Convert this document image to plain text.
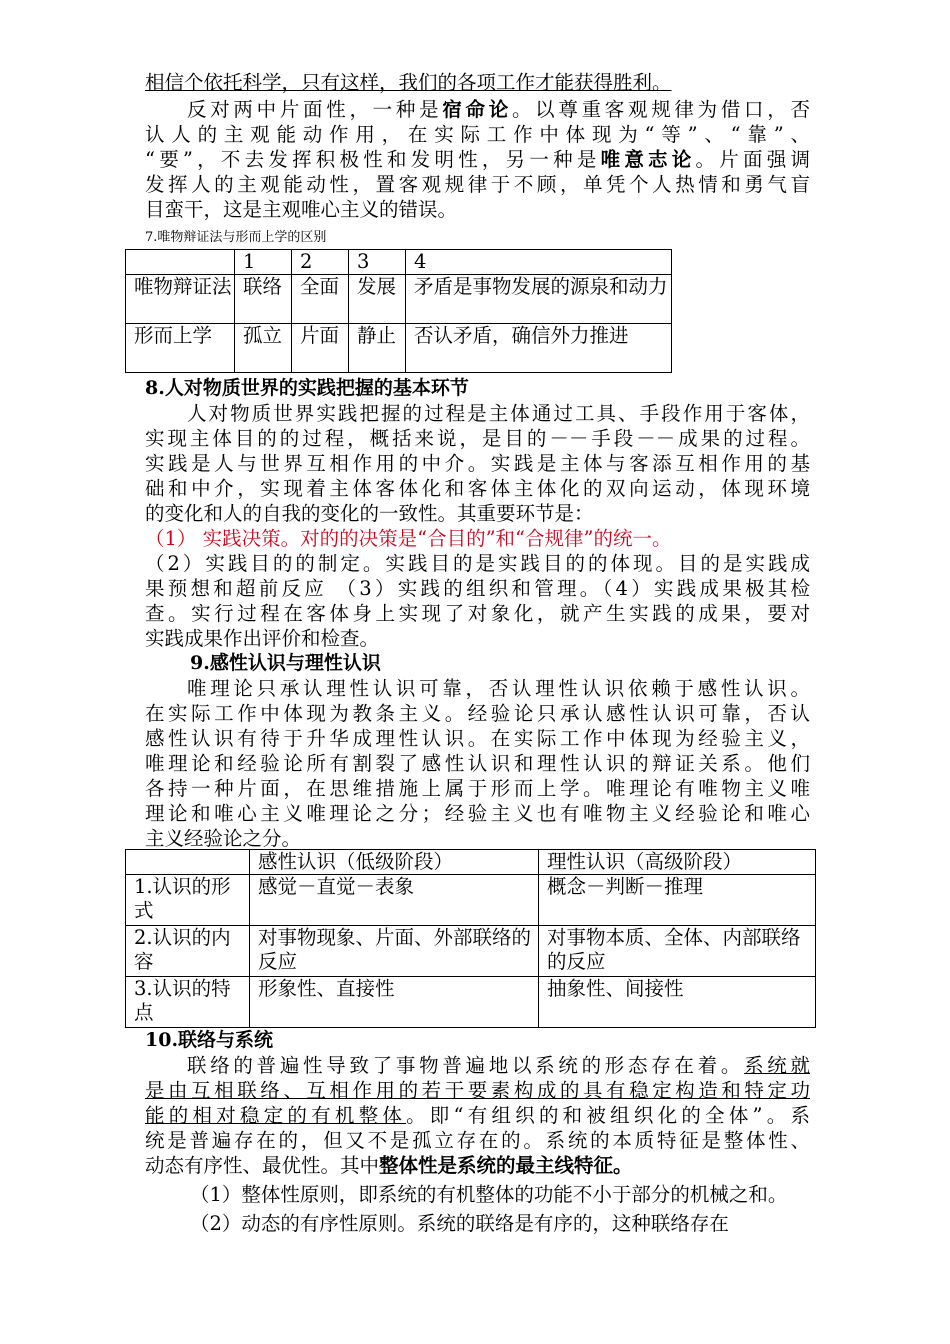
相信个依托科学，只有这样，我们的各项工作才能获得胜利。
反对两中片面性，一种是宿命论。以尊重客观规律为借口，否
认人的主观能动作用，在实际工作中体现为“等”、“靠”、
“要”，不去发挥积极性和发明性，另一种是唯意志论。片面强调
发挥人的主观能动性，置客观规律于不顾，单凭个人热情和勇气盲
目蛮干，这是主观唯心主义的错误。
7.唯物辩证法与形而上学的区别
	1	2	3	4
唯物辩证法	联络	全面	发展	矛盾是事物发展的源泉和动力
形而上学	孤立	片面	静止	否认矛盾，确信外力推进
8.人对物质世界的实践把握的基本环节
人对物质世界实践把握的过程是主体通过工具、手段作用于客体，
实现主体目的的过程，概括来说，是目的－－手段－－成果的过程。
实践是人与世界互相作用的中介。实践是主体与客添互相作用的基
础和中介，实现着主体客体化和客体主体化的双向运动，体现环境
的变化和人的自我的变化的一致性。其重要环节是：
（1） 实践决策。对的的决策是“合目的”和“合规律”的统一。
（2）实践目的的制定。实践目的是实践目的的体现。目的是实践成
果预想和超前反应 （3）实践的组织和管理。（4）实践成果极其检
查。实行过程在客体身上实现了对象化，就产生实践的成果，要对
实践成果作出评价和检查。
9.感性认识与理性认识
唯理论只承认理性认识可靠，否认理性认识依赖于感性认识。
在实际工作中体现为教条主义。经验论只承认感性认识可靠，否认
感性认识有待于升华成理性认识。在实际工作中体现为经验主义，
唯理论和经验论所有割裂了感性认识和理性认识的辩证关系。他们
各持一种片面，在思维措施上属于形而上学。唯理论有唯物主义唯
理论和唯心主义唯理论之分；经验主义也有唯物主义经验论和唯心
主义经验论之分。
	感性认识（低级阶段）	理性认识（高级阶段）
1.认识的形式	感觉－直觉－表象	概念－判断－推理
2.认识的内容	对事物现象、片面、外部联络的反应	对事物本质、全体、内部联络的反应
3.认识的特点	形象性、直接性	抽象性、间接性
10.联络与系统
联络的普遍性导致了事物普遍地以系统的形态存在着。系统就
是由互相联络、互相作用的若干要素构成的具有稳定构造和特定功
能的相对稳定的有机整体。即“有组织的和被组织化的全体”。系
统是普遍存在的，但又不是孤立存在的。系统的本质特征是整体性、
动态有序性、最优性。其中整体性是系统的最主线特征。
（1） 整体性原则，即系统的有机整体的功能不小于部分的机械之和。
（2） 动态的有序性原则。系统的联络是有序的，这种联络存在
